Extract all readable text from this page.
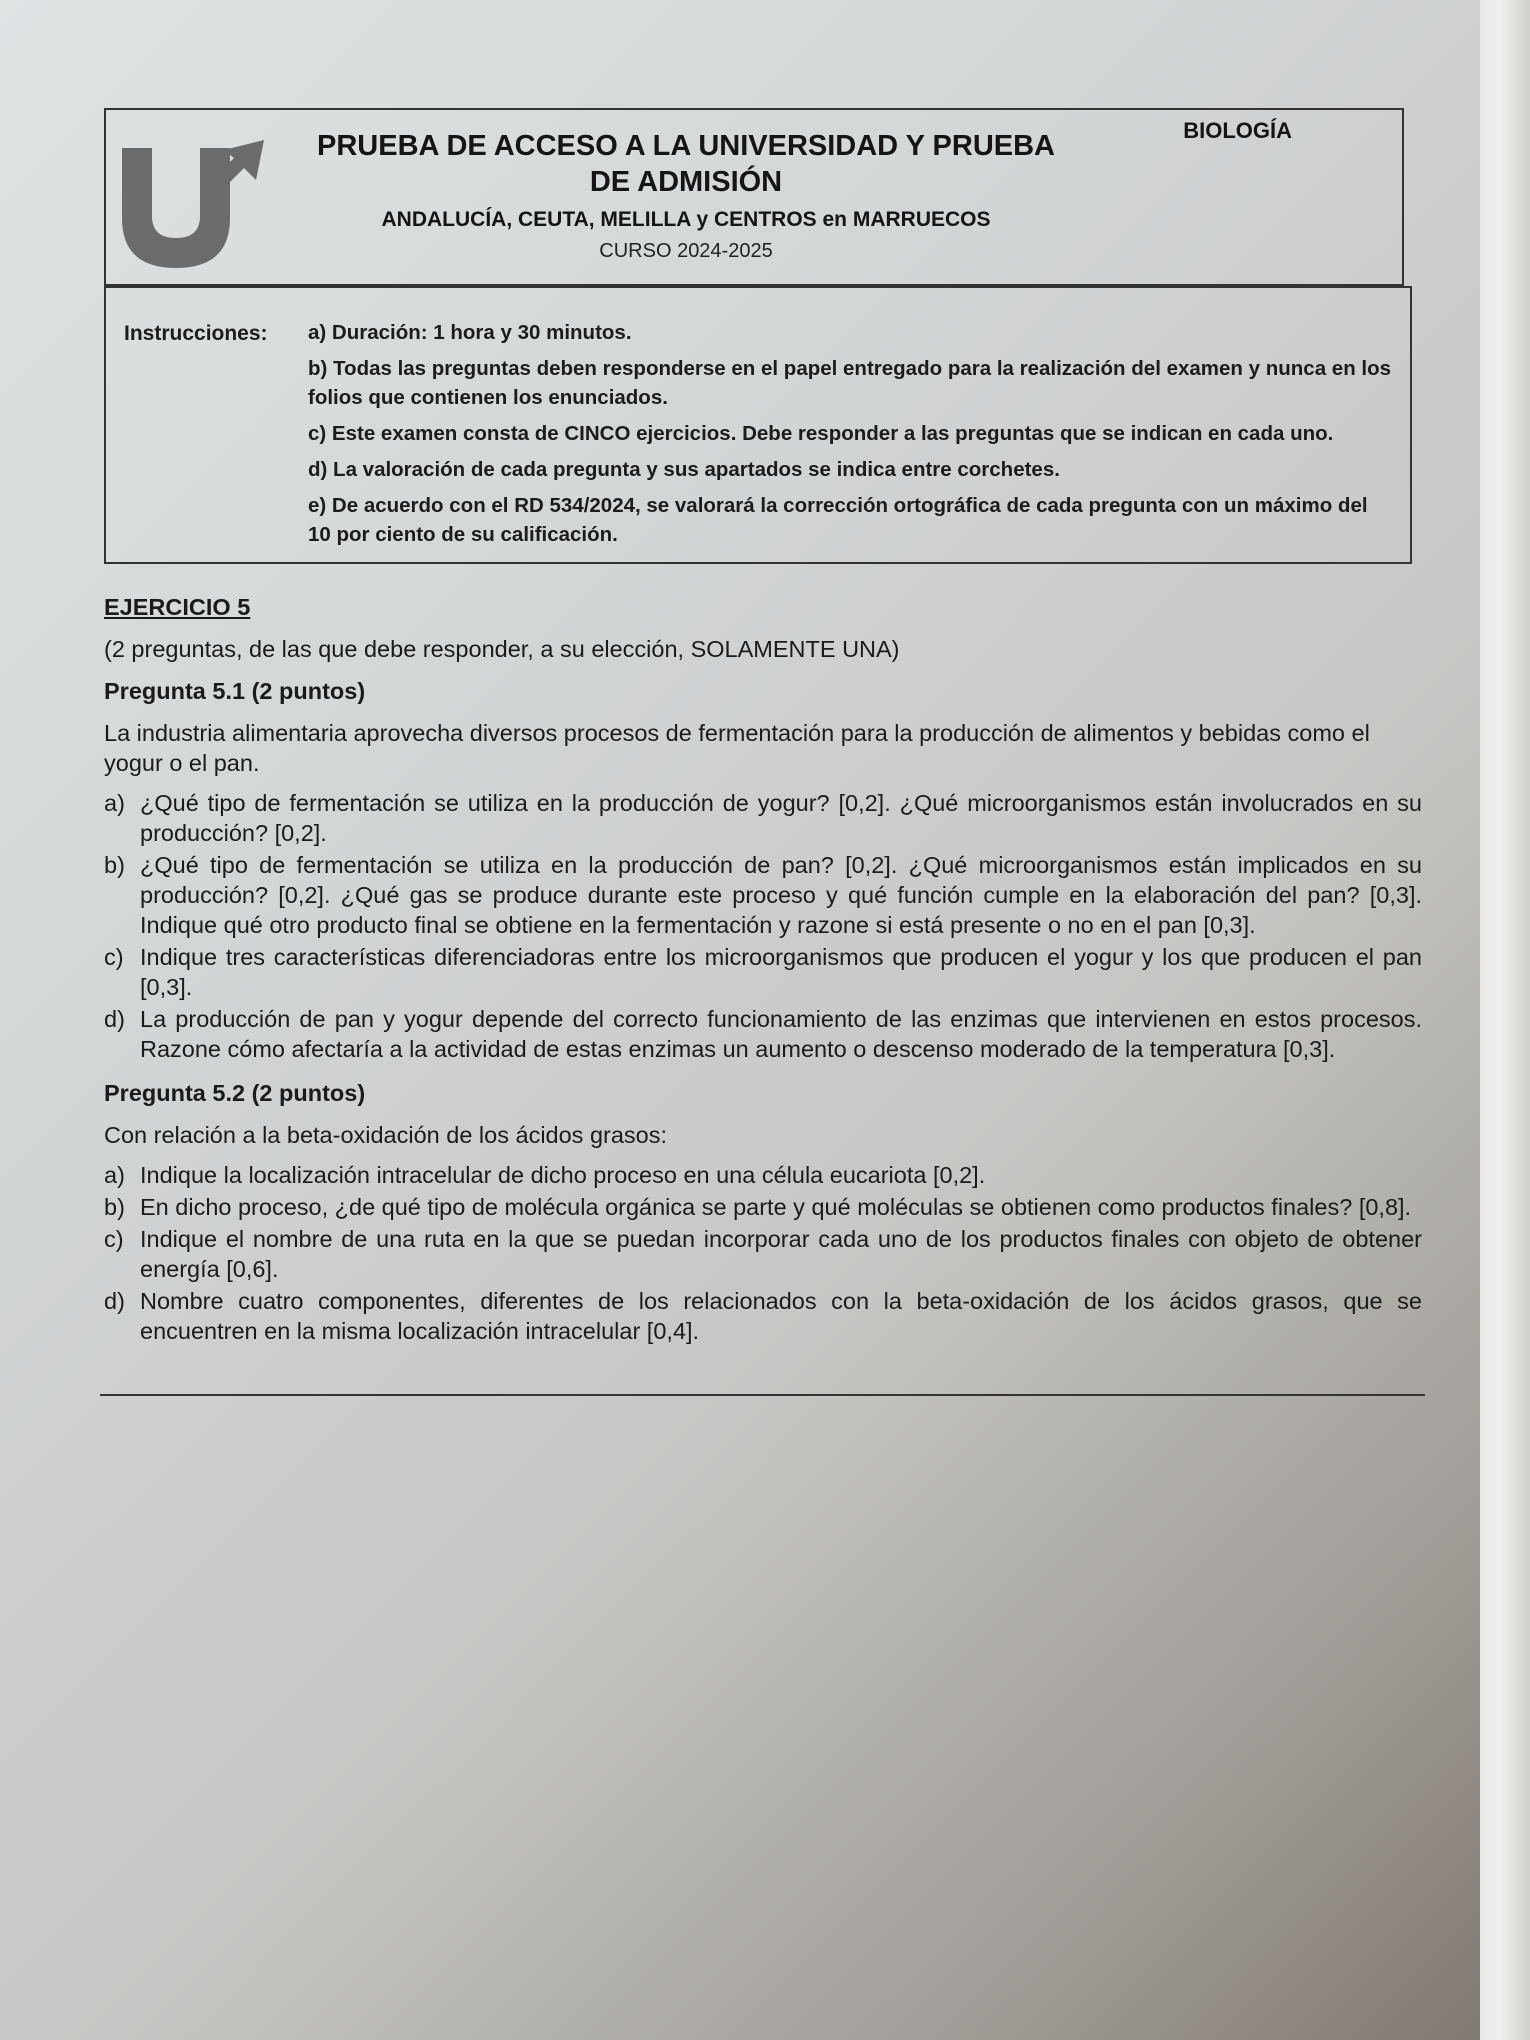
PRUEBA DE ACCESO A LA UNIVERSIDAD Y PRUEBA DE ADMISIÓN
ANDALUCÍA, CEUTA, MELILLA y CENTROS en MARRUECOS
CURSO 2024-2025
BIOLOGÍA
Instrucciones: a) Duración: 1 hora y 30 minutos.

b) Todas las preguntas deben responderse en el papel entregado para la realización del examen y nunca en los folios que contienen los enunciados.

c) Este examen consta de CINCO ejercicios. Debe responder a las preguntas que se indican en cada uno.

d) La valoración de cada pregunta y sus apartados se indica entre corchetes.

e) De acuerdo con el RD 534/2024, se valorará la corrección ortográfica de cada pregunta con un máximo del 10 por ciento de su calificación.

EJERCICIO 5

(2 preguntas, de las que debe responder, a su elección, SOLAMENTE UNA)

Pregunta 5.1 (2 puntos)

La industria alimentaria aprovecha diversos procesos de fermentación para la producción de alimentos y bebidas como el yogur o el pan.

a) ¿Qué tipo de fermentación se utiliza en la producción de yogur? [0,2]. ¿Qué microorganismos están involucrados en su producción? [0,2].
b) ¿Qué tipo de fermentación se utiliza en la producción de pan? [0,2]. ¿Qué microorganismos están implicados en su producción? [0,2]. ¿Qué gas se produce durante este proceso y qué función cumple en la elaboración del pan? [0,3]. Indique qué otro producto final se obtiene en la fermentación y razone si está presente o no en el pan [0,3].
c) Indique tres características diferenciadoras entre los microorganismos que producen el yogur y los que producen el pan [0,3].
d) La producción de pan y yogur depende del correcto funcionamiento de las enzimas que intervienen en estos procesos. Razone cómo afectaría a la actividad de estas enzimas un aumento o descenso moderado de la temperatura [0,3].

Pregunta 5.2 (2 puntos)

Con relación a la beta-oxidación de los ácidos grasos:

a) Indique la localización intracelular de dicho proceso en una célula eucariota [0,2].
b) En dicho proceso, ¿de qué tipo de molécula orgánica se parte y qué moléculas se obtienen como productos finales? [0,8].
c) Indique el nombre de una ruta en la que se puedan incorporar cada uno de los productos finales con objeto de obtener energía [0,6].
d) Nombre cuatro componentes, diferentes de los relacionados con la beta-oxidación de los ácidos grasos, que se encuentren en la misma localización intracelular [0,4].
